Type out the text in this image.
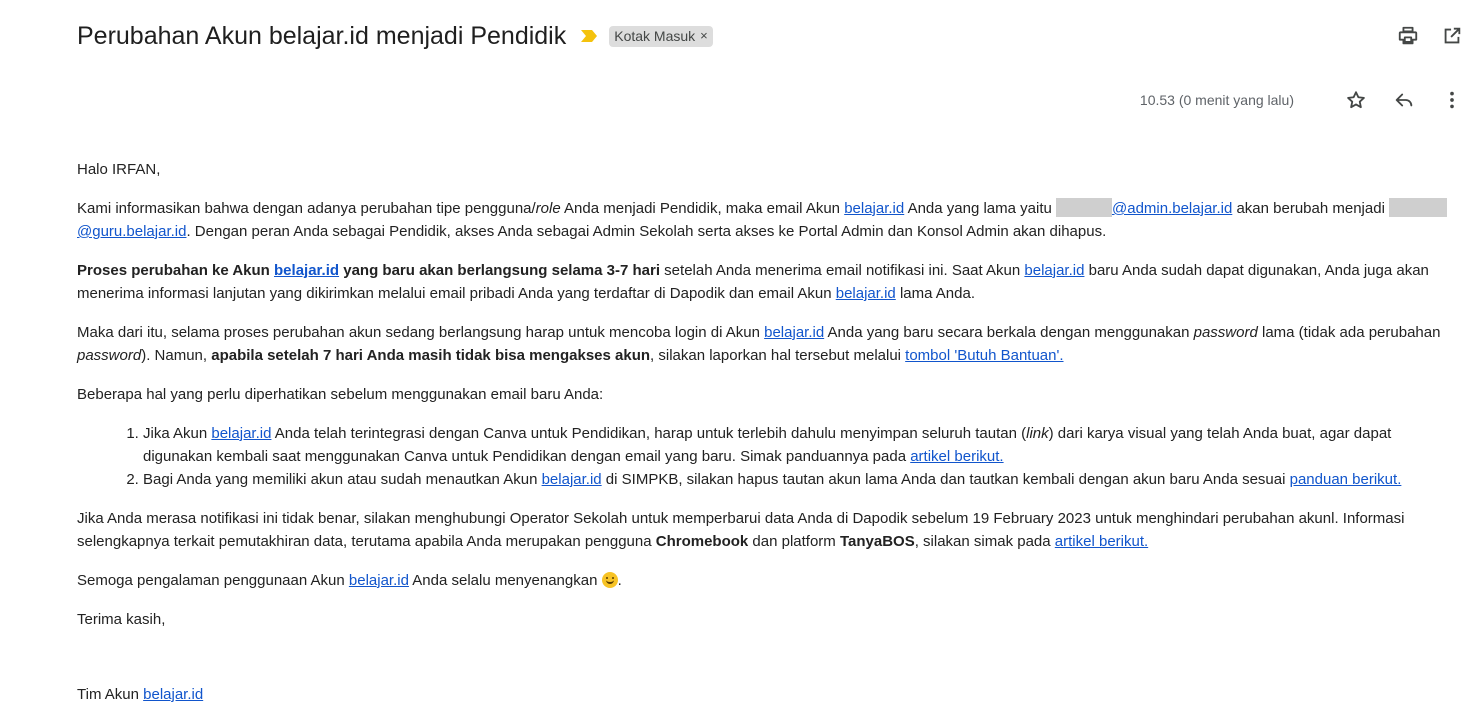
Perubahan Akun belajar.id menjadi Pendidik	Kotak Masuk ×
10.53 (0 menit yang lalu)

Halo IRFAN,

Kami informasikan bahwa dengan adanya perubahan tipe pengguna/role Anda menjadi Pendidik, maka email Akun belajar.id Anda yang lama yaitu	@admin.belajar.id akan berubah menjadi @guru.belajar.id. Dengan peran Anda sebagai Pendidik, akses Anda sebagai Admin Sekolah serta akses ke Portal Admin dan Konsol Admin akan dihapus.

Proses perubahan ke Akun belajar.id yang baru akan berlangsung selama 3-7 hari setelah Anda menerima email notifikasi ini. Saat Akun belajar.id baru Anda sudah dapat digunakan, Anda juga akan menerima informasi lanjutan yang dikirimkan melalui email pribadi Anda yang terdaftar di Dapodik dan email Akun belajar.id lama Anda.

Maka dari itu, selama proses perubahan akun sedang berlangsung harap untuk mencoba login di Akun belajar.id Anda yang baru secara berkala dengan menggunakan password lama (tidak ada perubahan password). Namun, apabila setelah 7 hari Anda masih tidak bisa mengakses akun, silakan laporkan hal tersebut melalui tombol 'Butuh Bantuan'.

Beberapa hal yang perlu diperhatikan sebelum menggunakan email baru Anda:

1. Jika Akun belajar.id Anda telah terintegrasi dengan Canva untuk Pendidikan, harap untuk terlebih dahulu menyimpan seluruh tautan (link) dari karya visual yang telah Anda buat, agar dapat digunakan kembali saat menggunakan Canva untuk Pendidikan dengan email yang baru. Simak panduannya pada artikel berikut.
2. Bagi Anda yang memiliki akun atau sudah menautkan Akun belajar.id di SIMPKB, silakan hapus tautan akun lama Anda dan tautkan kembali dengan akun baru Anda sesuai panduan berikut.

Jika Anda merasa notifikasi ini tidak benar, silakan menghubungi Operator Sekolah untuk memperbarui data Anda di Dapodik sebelum 19 February 2023 untuk menghindari perubahan akunl. Informasi selengkapnya terkait pemutakhiran data, terutama apabila Anda merupakan pengguna Chromebook dan platform TanyaBOS, silakan simak pada artikel berikut.

Semoga pengalaman penggunaan Akun belajar.id Anda selalu menyenangkan .

Terima kasih,

Tim Akun belajar.id
